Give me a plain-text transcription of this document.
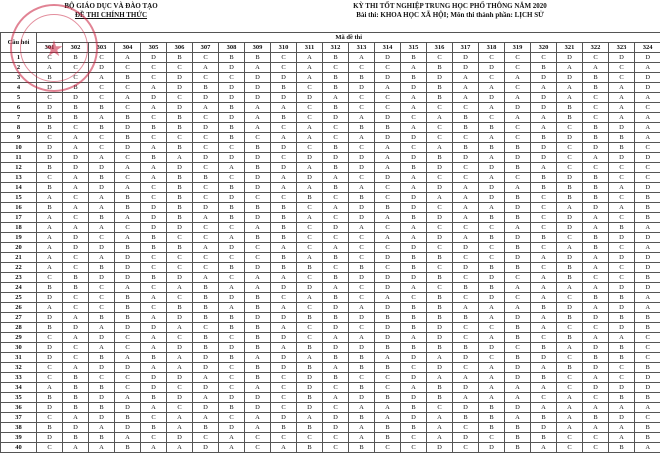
BỘ GIÁO DỤC VÀ ĐÀO TẠO
ĐỀ THI CHÍNH THỨC
KỲ THI TỐT NGHIỆP TRUNG HỌC PHỔ THÔNG NĂM 2020
Bài thi: KHOA HỌC XÃ HỘI; Môn thi thành phần: LỊCH SỬ
Câu hỏi	Mã đề thi																							
	301	302	303	304	305	306	307	308	309	310	311	312	313	314	315	316	317	318	319	320	321	322	323	324
1	C	B	C	A	D	B	C	B	B	C	A	B	A	D	B	C	D	C	C	C	D	C	D	D
2	A	C	D	C	C	C	A	D	A	C	A	C	C	C	A	B	D	D	C	B	A	A	C	A
3	B	C	A	B	C	D	C	C	D	D	A	B	B	D	B	D	A	C	A	D	D	B	C	D
4	D	B	C	C	A	D	B	D	D	B	C	B	D	A	D	B	A	A	C	A	A	B	A	D
5	C	D	C	A	D	C	D	D	D	D	D	A	C	C	A	B	A	D	A	D	A	C	A	A
6	D	B	B	C	A	D	A	B	A	A	C	B	C	C	A	C	C	A	D	D	B	C	A	C
7	B	B	A	B	C	B	C	D	A	B	C	D	A	D	C	A	B	C	A	A	B	C	A	A
8	B	C	B	D	B	B	D	B	A	C	A	C	B	B	A	C	B	B	C	A	C	B	D	A
9	C	A	C	B	C	C	C	B	C	A	A	C	A	D	D	C	C	A	C	B	D	B	B	A
10	D	A	C	D	A	B	C	C	B	D	C	B	C	A	C	A	B	B	B	D	C	D	B	C
11	D	D	A	C	B	A	D	D	D	C	D	D	D	A	D	B	D	A	D	D	C	A	D	D
12	B	D	D	A	A	D	C	A	B	D	A	B	D	A	B	D	C	D	B	A	C	C	C	C
13	C	A	B	C	A	B	B	C	D	A	D	A	C	D	A	C	C	A	C	B	D	B	C	C
14	B	A	D	A	C	B	C	B	D	A	A	B	A	C	A	D	A	D	A	B	B	B	A	D
15	A	C	A	B	C	B	C	D	C	C	B	C	B	C	D	A	A	D	B	C	B	B	C	B
16	B	A	A	B	D	B	D	B	B	B	C	A	D	B	D	C	A	A	D	C	A	D	A	B
17	A	C	B	A	D	B	A	B	D	B	A	C	D	A	B	D	A	B	B	C	D	A	C	B
18	A	A	A	C	D	D	C	C	A	B	C	D	A	C	A	C	C	C	A	C	D	A	B	A
19	A	D	C	A	B	C	C	A	B	B	C	C	C	A	A	D	A	B	D	B	C	B	D	D
20	A	D	D	B	B	B	A	D	C	A	C	A	C	C	D	C	D	C	B	C	A	B	C	A
21	A	C	A	D	C	C	C	C	C	B	A	B	C	D	B	B	C	C	D	A	D	A	D	D
22	A	C	B	D	C	C	C	B	D	B	B	C	B	C	B	C	D	B	B	C	B	A	C	D
23	C	B	D	D	B	D	A	C	A	A	C	B	D	D	D	B	C	D	C	A	B	C	C	B
24	B	B	C	A	C	A	B	A	A	D	D	A	C	D	A	C	B	B	A	A	A	A	D	D
25	D	C	C	B	A	C	B	D	B	C	A	B	C	A	C	B	C	D	C	A	C	B	B	A
26	A	C	C	B	C	B	B	A	B	A	C	D	A	D	B	B	A	A	A	B	D	A	D	A
27	D	A	B	B	A	D	B	B	D	D	B	B	D	B	B	B	B	A	D	A	B	D	B	B
28	B	D	A	D	D	A	C	B	B	A	C	D	C	D	B	D	C	C	B	A	C	C	D	B
29	C	A	D	C	A	C	B	C	B	D	C	A	A	D	A	D	C	A	B	C	B	A	A	C
30	D	C	A	C	A	D	B	D	B	A	B	D	D	B	B	B	B	D	C	B	A	D	B	C
31	D	C	B	A	B	A	D	B	A	D	A	B	B	A	D	A	D	C	B	D	C	B	B	C
32	C	A	D	D	A	A	D	C	B	D	B	A	B	B	C	D	C	A	D	A	B	D	C	B
33	C	B	C	C	D	D	A	C	B	C	D	B	C	C	D	A	A	A	D	B	C	A	C	D
34	A	B	B	C	D	C	D	C	A	C	D	C	B	C	A	B	D	A	A	A	C	D	D	D
35	B	B	D	A	B	D	A	D	D	C	B	A	D	B	D	B	A	A	A	C	A	C	B	B
36	D	B	B	D	A	C	D	B	D	C	D	C	A	A	B	C	D	B	D	A	A	A	A	A
37	C	A	D	B	C	A	A	C	A	D	A	D	B	A	D	A	B	B	A	B	A	B	D	C
38	B	D	A	D	B	A	B	D	A	B	B	D	A	B	B	A	C	B	B	D	A	A	A	B
39	D	B	B	A	C	D	C	A	C	C	C	C	A	B	C	A	D	C	B	B	C	C	A	B
40	C	A	A	B	A	A	D	A	C	A	B	C	B	C	C	D	C	D	B	A	C	C	B	A
★
